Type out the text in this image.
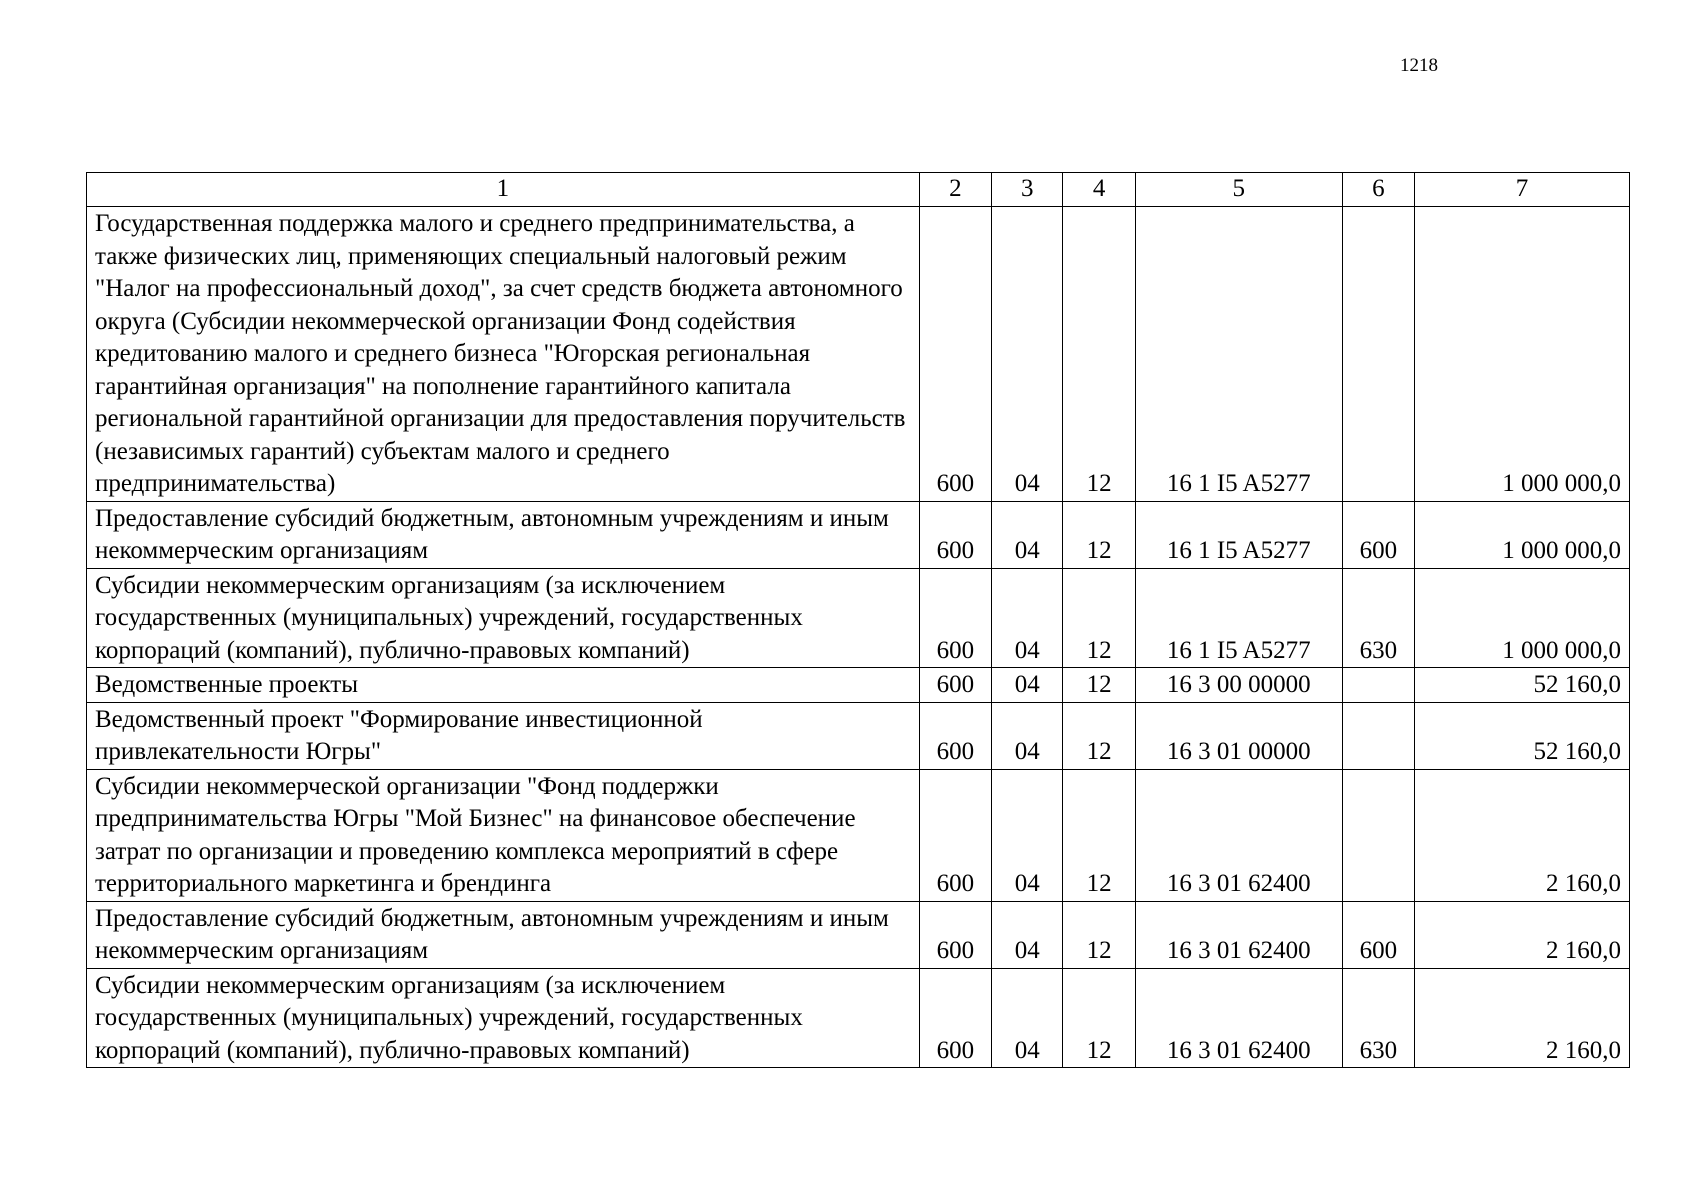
1218
1	2	3	4	5	6	7
Государственная поддержка малого и среднего предпринимательства, а также физических лиц, применяющих специальный налоговый режим "Налог на профессиональный доход", за счет средств бюджета автономного округа (Субсидии некоммерческой организации Фонд содействия кредитованию малого и среднего бизнеса "Югорская региональная гарантийная организация" на пополнение гарантийного капитала региональной гарантийной организации для предоставления поручительств (независимых гарантий) субъектам малого и среднего предпринимательства)	600	04	12	16 1 I5 A5277		1 000 000,0
Предоставление субсидий бюджетным, автономным учреждениям и иным некоммерческим организациям	600	04	12	16 1 I5 A5277	600	1 000 000,0
Субсидии некоммерческим организациям (за исключением государственных (муниципальных) учреждений, государственных корпораций (компаний), публично-правовых компаний)	600	04	12	16 1 I5 A5277	630	1 000 000,0
Ведомственные проекты	600	04	12	16 3 00 00000		52 160,0
Ведомственный проект "Формирование инвестиционной привлекательности Югры"	600	04	12	16 3 01 00000		52 160,0
Субсидии некоммерческой организации "Фонд поддержки предпринимательства Югры "Мой Бизнес" на финансовое обеспечение затрат по организации и проведению комплекса мероприятий в сфере территориального маркетинга и брендинга	600	04	12	16 3 01 62400		2 160,0
Предоставление субсидий бюджетным, автономным учреждениям и иным некоммерческим организациям	600	04	12	16 3 01 62400	600	2 160,0
Субсидии некоммерческим организациям (за исключением государственных (муниципальных) учреждений, государственных корпораций (компаний), публично-правовых компаний)	600	04	12	16 3 01 62400	630	2 160,0
